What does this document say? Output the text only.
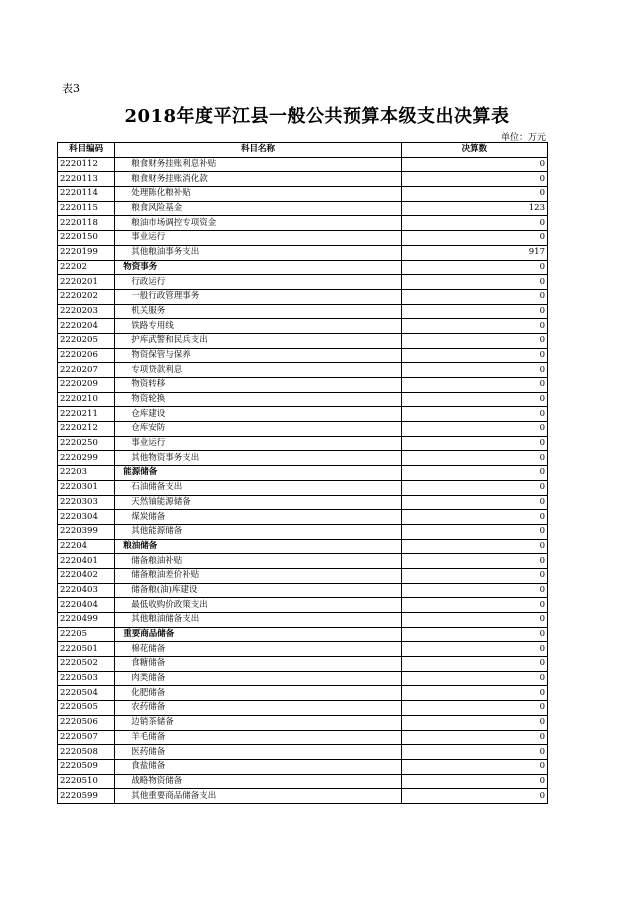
表3
2018年度平江县一般公共预算本级支出决算表
单位：万元
科目编码	科目名称	决算数
2220112	粮食财务挂账利息补贴	0
2220113	粮食财务挂账消化款	0
2220114	处理陈化粮补贴	0
2220115	粮食风险基金	123
2220118	粮油市场调控专项资金	0
2220150	事业运行	0
2220199	其他粮油事务支出	917
22202	物资事务	0
2220201	行政运行	0
2220202	一般行政管理事务	0
2220203	机关服务	0
2220204	铁路专用线	0
2220205	护库武警和民兵支出	0
2220206	物资保管与保养	0
2220207	专项贷款利息	0
2220209	物资转移	0
2220210	物资轮换	0
2220211	仓库建设	0
2220212	仓库安防	0
2220250	事业运行	0
2220299	其他物资事务支出	0
22203	能源储备	0
2220301	石油储备支出	0
2220303	天然铀能源储备	0
2220304	煤炭储备	0
2220399	其他能源储备	0
22204	粮油储备	0
2220401	储备粮油补贴	0
2220402	储备粮油差价补贴	0
2220403	储备粮(油)库建设	0
2220404	最低收购价政策支出	0
2220499	其他粮油储备支出	0
22205	重要商品储备	0
2220501	棉花储备	0
2220502	食糖储备	0
2220503	肉类储备	0
2220504	化肥储备	0
2220505	农药储备	0
2220506	边销茶储备	0
2220507	羊毛储备	0
2220508	医药储备	0
2220509	食盐储备	0
2220510	战略物资储备	0
2220599	其他重要商品储备支出	0
